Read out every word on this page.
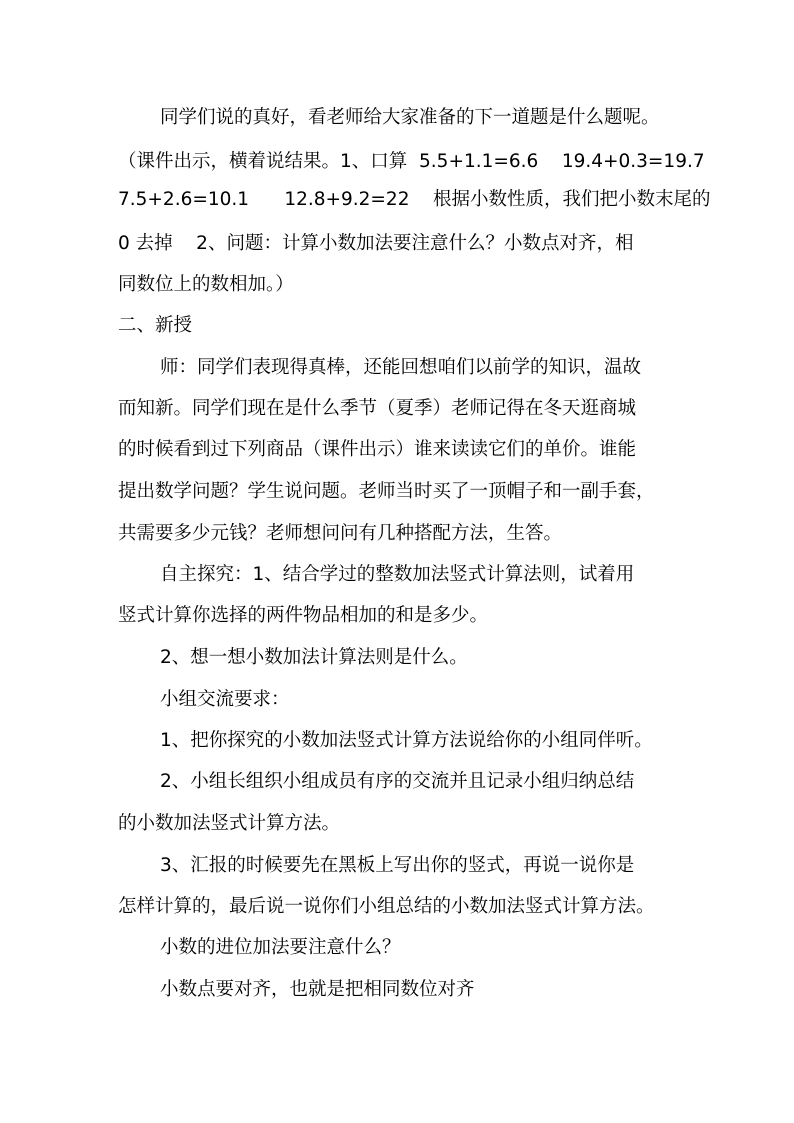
同学们说的真好，看老师给大家准备的下一道题是什么题呢。
（课件出示，横着说结果。1、口算  5.5+1.1=6.6    19.4+0.3=19.7
7.5+2.6=10.1      12.8+9.2=22    根据小数性质，我们把小数末尾的
0 去掉    2、问题：计算小数加法要注意什么？小数点对齐，相
同数位上的数相加。）
二、新授
师：同学们表现得真棒，还能回想咱们以前学的知识，温故
而知新。同学们现在是什么季节（夏季）老师记得在冬天逛商城
的时候看到过下列商品（课件出示）谁来读读它们的单价。谁能
提出数学问题？学生说问题。老师当时买了一顶帽子和一副手套，
共需要多少元钱？老师想问问有几种搭配方法，生答。
自主探究：1、结合学过的整数加法竖式计算法则，试着用
竖式计算你选择的两件物品相加的和是多少。
2、想一想小数加法计算法则是什么。
小组交流要求：
1、把你探究的小数加法竖式计算方法说给你的小组同伴听。
2、小组长组织小组成员有序的交流并且记录小组归纳总结
的小数加法竖式计算方法。
3、汇报的时候要先在黑板上写出你的竖式，再说一说你是
怎样计算的，最后说一说你们小组总结的小数加法竖式计算方法。
小数的进位加法要注意什么？
小数点要对齐，也就是把相同数位对齐
